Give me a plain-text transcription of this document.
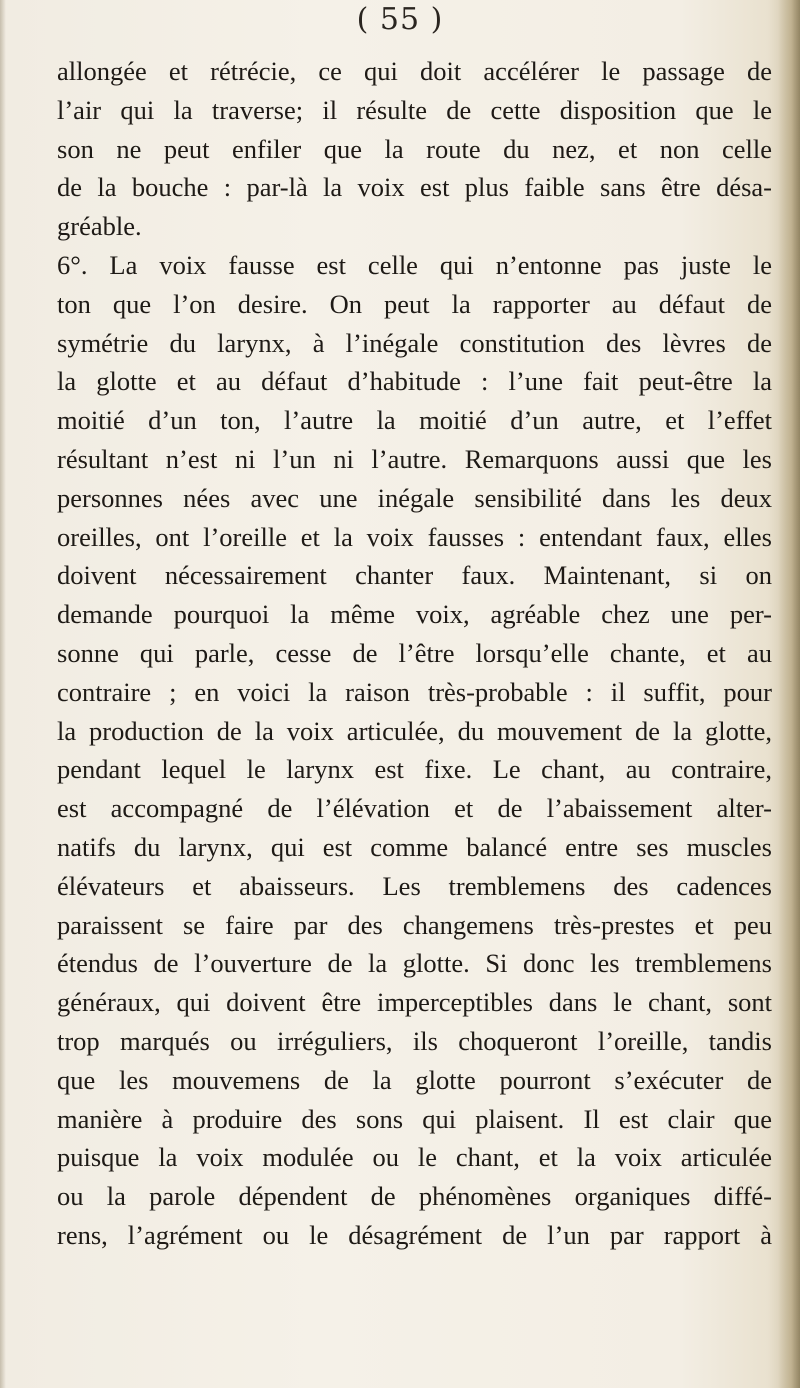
( 55 )
allongée et rétrécie, ce qui doit accélérer le passage de
l’air qui la traverse; il résulte de cette disposition que le
son ne peut enfiler que la route du nez, et non celle
de la bouche : par-là la voix est plus faible sans être désa-
gréable.
6°. La voix fausse est celle qui n’entonne pas juste le
ton que l’on desire. On peut la rapporter au défaut de
symétrie du larynx, à l’inégale constitution des lèvres de
la glotte et au défaut d’habitude : l’une fait peut-être la
moitié d’un ton, l’autre la moitié d’un autre, et l’effet
résultant n’est ni l’un ni l’autre. Remarquons aussi que les
personnes nées avec une inégale sensibilité dans les deux
oreilles, ont l’oreille et la voix fausses : entendant faux, elles
doivent nécessairement chanter faux. Maintenant, si on
demande pourquoi la même voix, agréable chez une per-
sonne qui parle, cesse de l’être lorsqu’elle chante, et au
contraire ; en voici la raison très-probable : il suffit, pour
la production de la voix articulée, du mouvement de la glotte,
pendant lequel le larynx est fixe. Le chant, au contraire,
est accompagné de l’élévation et de l’abaissement alter-
natifs du larynx, qui est comme balancé entre ses muscles
élévateurs et abaisseurs. Les tremblemens des cadences
paraissent se faire par des changemens très-prestes et peu
étendus de l’ouverture de la glotte. Si donc les tremblemens
généraux, qui doivent être imperceptibles dans le chant, sont
trop marqués ou irréguliers, ils choqueront l’oreille, tandis
que les mouvemens de la glotte pourront s’exécuter de
manière à produire des sons qui plaisent. Il est clair que
puisque la voix modulée ou le chant, et la voix articulée
ou la parole dépendent de phénomènes organiques diffé-
rens, l’agrément ou le désagrément de l’un par rapport à
